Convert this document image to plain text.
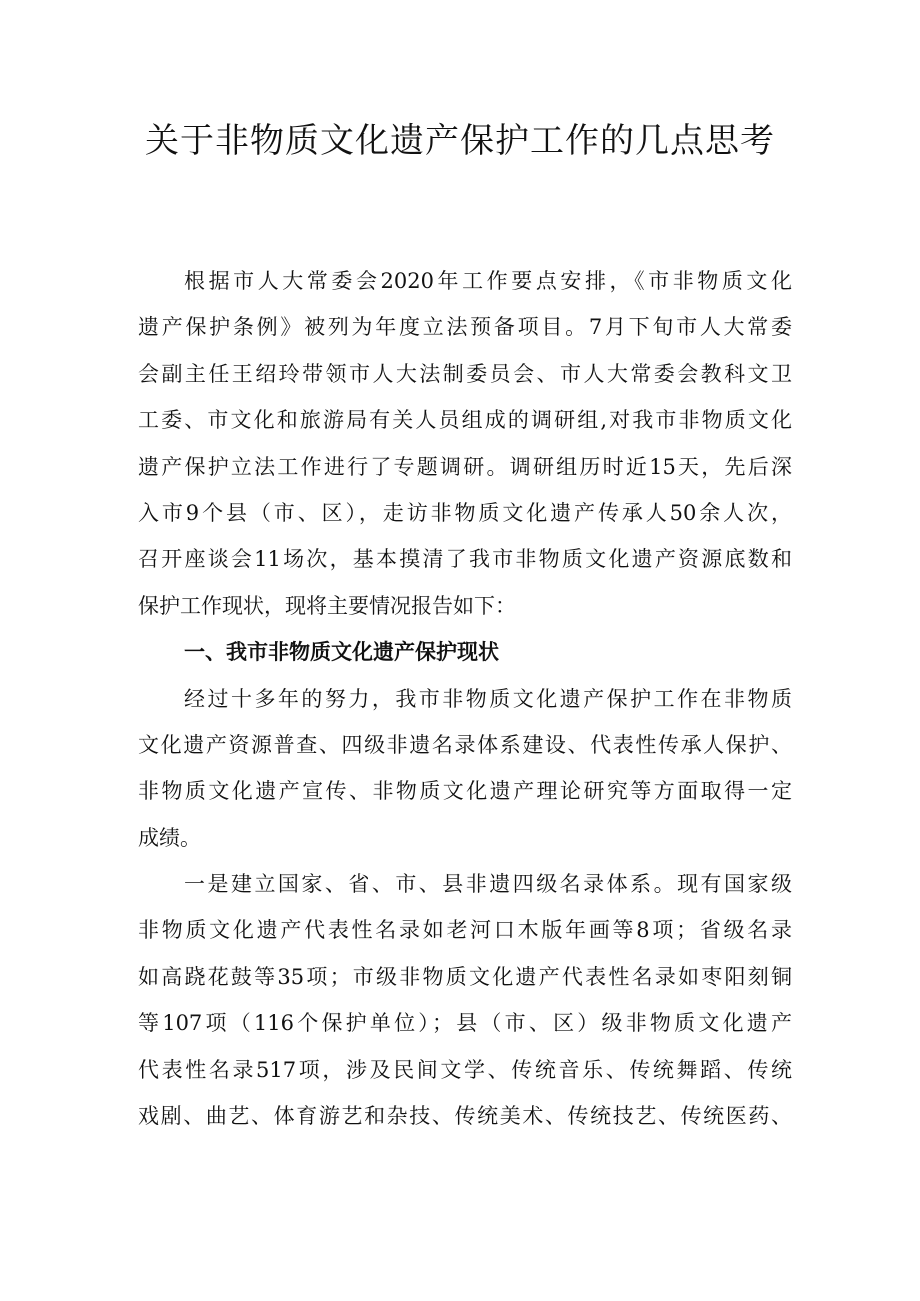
关于非物质文化遗产保护工作的几点思考
根据市人大常委会2020年工作要点安排，《市非物质文化
遗产保护条例》被列为年度立法预备项目。7月下旬市人大常委
会副主任王绍玲带领市人大法制委员会、市人大常委会教科文卫
工委、市文化和旅游局有关人员组成的调研组,对我市非物质文化
遗产保护立法工作进行了专题调研。调研组历时近15天，先后深
入市9个县（市、区），走访非物质文化遗产传承人50余人次，
召开座谈会11场次，基本摸清了我市非物质文化遗产资源底数和
保护工作现状，现将主要情况报告如下：
一、我市非物质文化遗产保护现状
经过十多年的努力，我市非物质文化遗产保护工作在非物质
文化遗产资源普查、四级非遗名录体系建设、代表性传承人保护、
非物质文化遗产宣传、非物质文化遗产理论研究等方面取得一定
成绩。
一是建立国家、省、市、县非遗四级名录体系。现有国家级
非物质文化遗产代表性名录如老河口木版年画等8项；省级名录
如高跷花鼓等35项；市级非物质文化遗产代表性名录如枣阳刻铜
等107项（116个保护单位）；县（市、区）级非物质文化遗产
代表性名录517项，涉及民间文学、传统音乐、传统舞蹈、传统
戏剧、曲艺、体育游艺和杂技、传统美术、传统技艺、传统医药、
